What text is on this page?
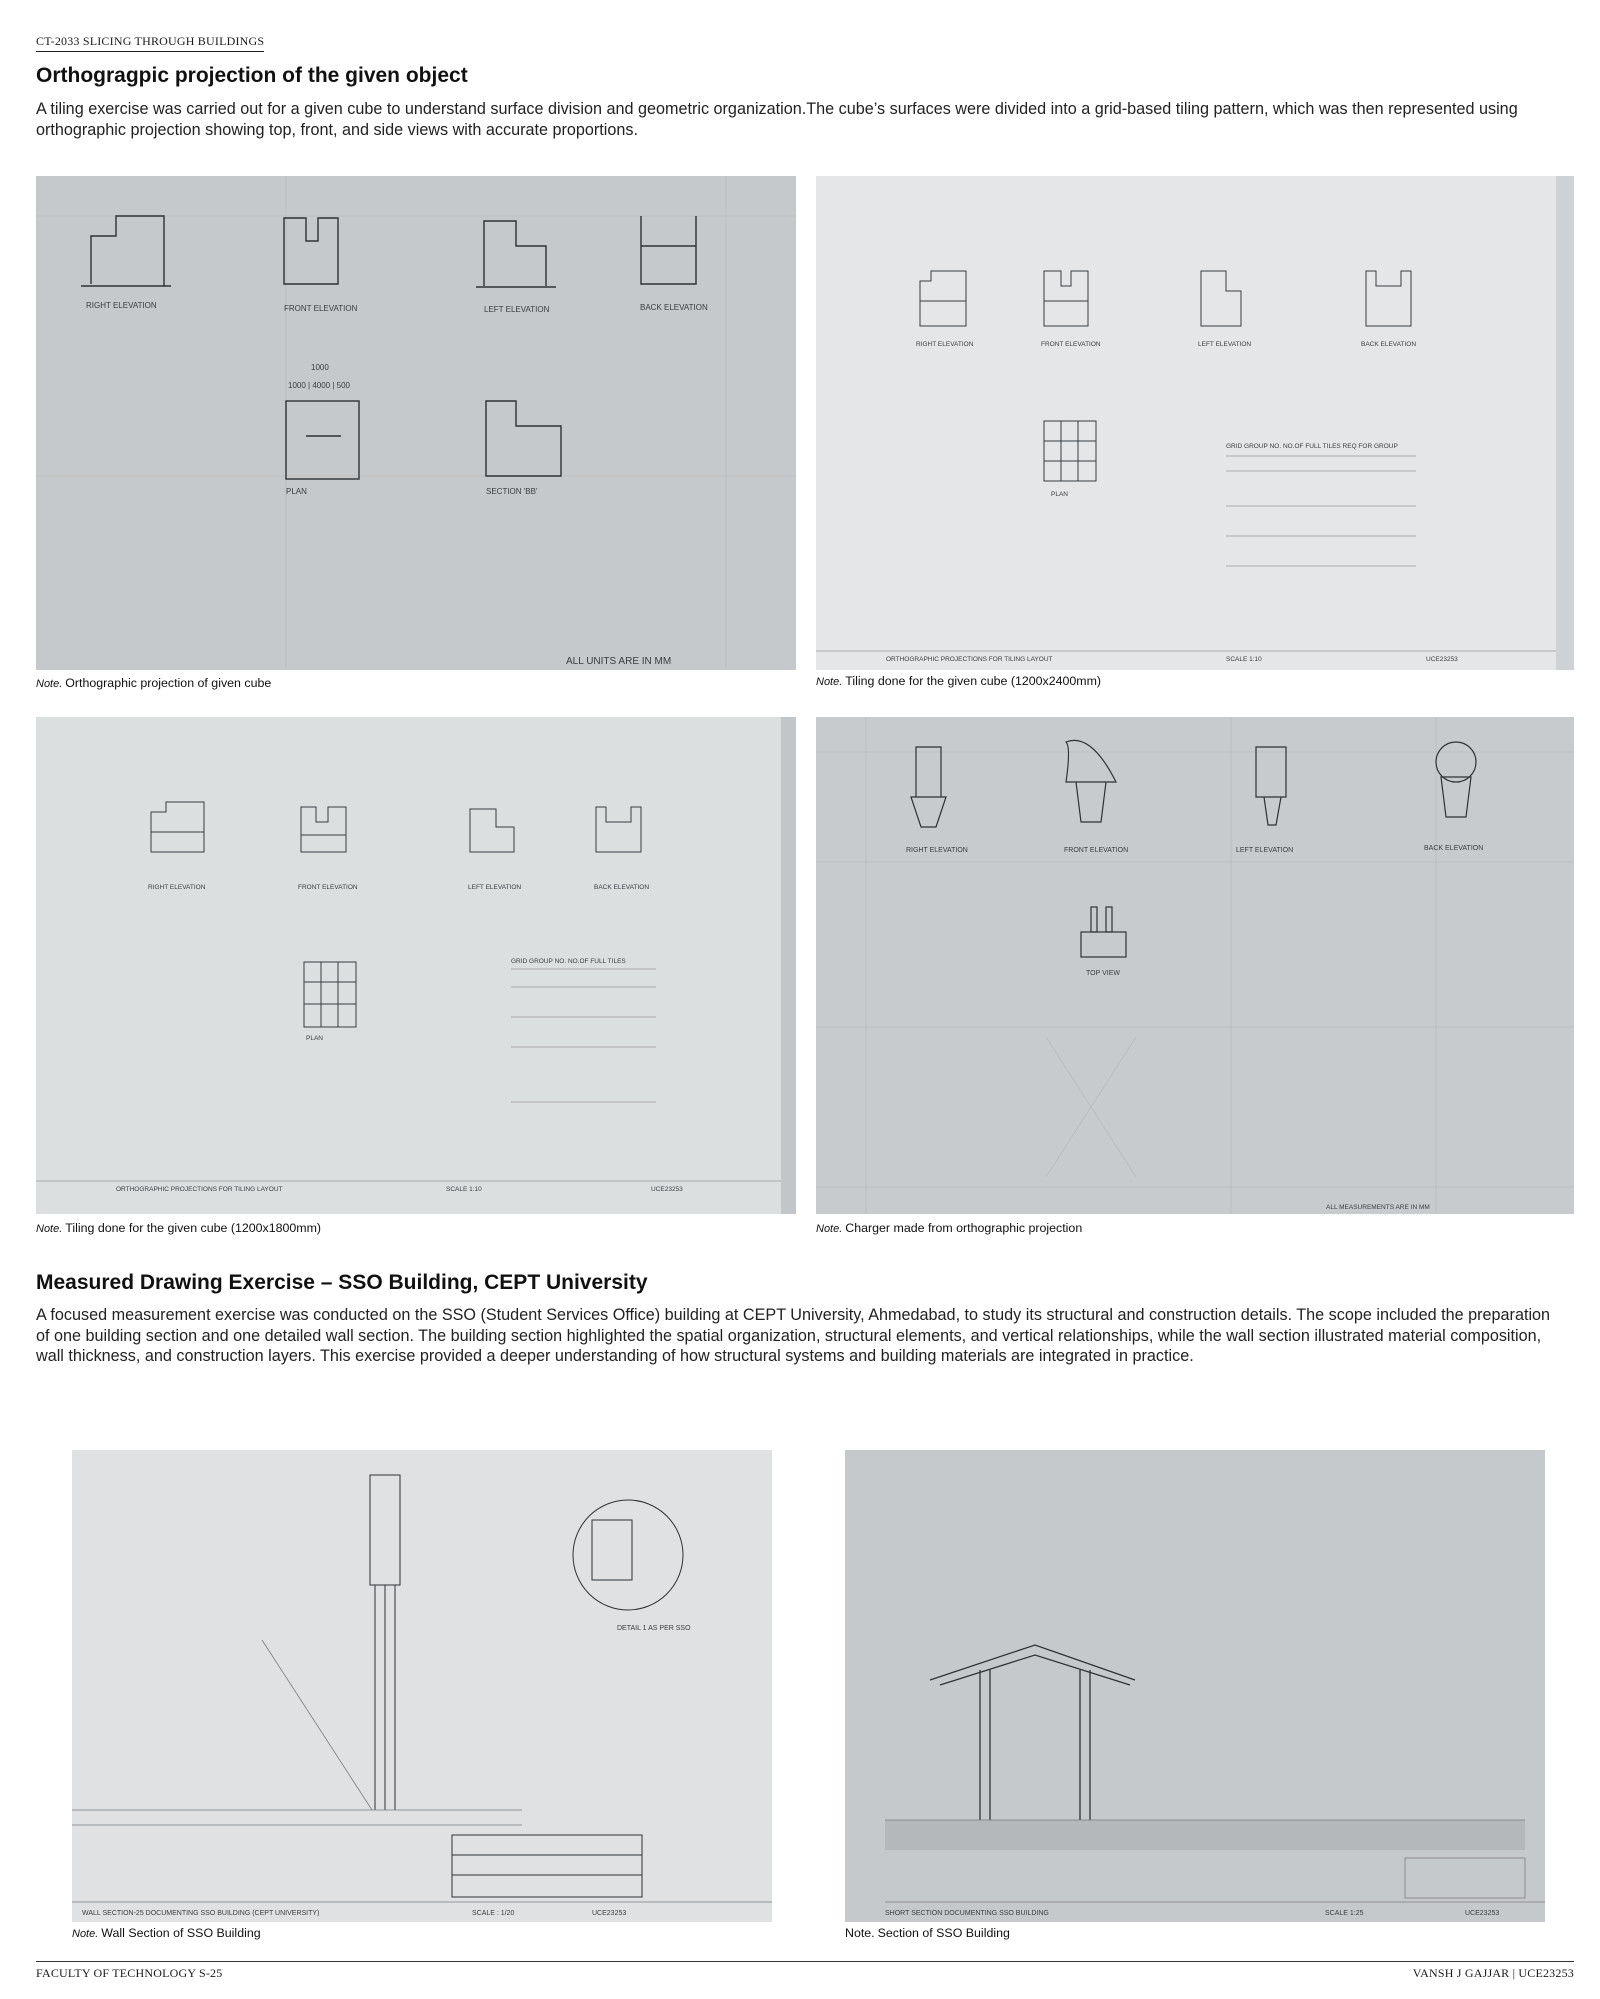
CT-2033 SLICING THROUGH BUILDINGS
Orthogragpic projection of the given object

A tiling exercise was carried out for a given cube to understand surface division and geometric organization.The cube’s surfaces were divided into a grid-based tiling pattern, which was then represented using orthographic projection showing top, front, and side views with accurate proportions.

RIGHT ELEVATION	FRONT ELEVATION	LEFT ELEVATION	BACK ELEVATION
1000
1000 | 4000 | 500
PLAN	SECTION 'BB'
ALL UNITS ARE IN MM
Note. Orthographic projection of given cube
RIGHT ELEVATION	FRONT ELEVATION	LEFT ELEVATION	BACK ELEVATION
PLAN
GRID GROUP NO. NO.OF FULL TILES REQ FOR GROUP
ORTHOGRAPHIC PROJECTIONS FOR TILING LAYOUT	SCALE 1:10	UCE23253
Note. Tiling done for the given cube (1200x2400mm)
RIGHT ELEVATION	FRONT ELEVATION	LEFT ELEVATION	BACK ELEVATION
PLAN
GRID GROUP NO. NO.OF FULL TILES
ORTHOGRAPHIC PROJECTIONS FOR TILING LAYOUT	SCALE 1:10	UCE23253
Note. Tiling done for the given cube (1200x1800mm)
RIGHT ELEVATION	FRONT ELEVATION	LEFT ELEVATION	BACK ELEVATION
TOP VIEW
ALL MEASUREMENTS ARE IN MM
Note. Charger made from orthographic projection
Measured Drawing Exercise – SSO Building, CEPT University

A focused measurement exercise was conducted on the SSO (Student Services Office) building at CEPT University, Ahmedabad, to study its structural and construction details. The scope included the preparation of one building section and one detailed wall section. The building section highlighted the spatial organization, structural elements, and vertical relationships, while the wall section illustrated material composition, wall thickness, and construction layers. This exercise provided a deeper understanding of how structural systems and building materials are integrated in practice.

DETAIL 1 AS PER SSO
WALL SECTION-25 DOCUMENTING SSO BUILDING (CEPT UNIVERSITY)	SCALE : 1/20	UCE23253
Note. Wall Section of SSO Building
SHORT SECTION DOCUMENTING SSO BUILDING	SCALE 1:25	UCE23253
Note. Section of SSO Building
FACULTY OF TECHNOLOGY S-25	VANSH J GAJJAR | UCE23253
